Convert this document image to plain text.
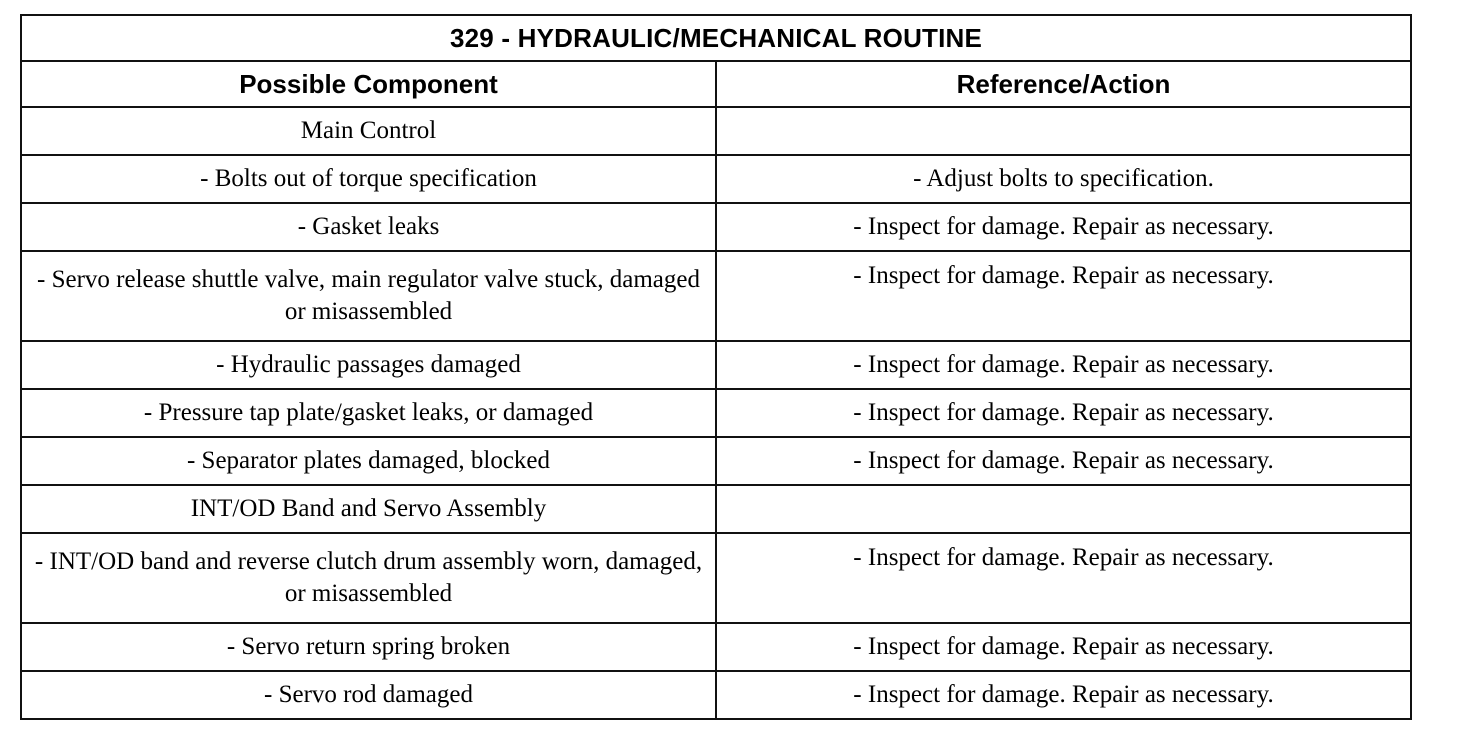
329 - HYDRAULIC/MECHANICAL ROUTINE	
Possible Component	Reference/Action
Main Control	
- Bolts out of torque specification	- Adjust bolts to specification.
- Gasket leaks	- Inspect for damage. Repair as necessary.
- Servo release shuttle valve, main regulator valve stuck, damaged or misassembled	- Inspect for damage. Repair as necessary.
- Hydraulic passages damaged	- Inspect for damage. Repair as necessary.
- Pressure tap plate/gasket leaks, or damaged	- Inspect for damage. Repair as necessary.
- Separator plates damaged, blocked	- Inspect for damage. Repair as necessary.
INT/OD Band and Servo Assembly	
- INT/OD band and reverse clutch drum assembly worn, damaged, or misassembled	- Inspect for damage. Repair as necessary.
- Servo return spring broken	- Inspect for damage. Repair as necessary.
- Servo rod damaged	- Inspect for damage. Repair as necessary.
